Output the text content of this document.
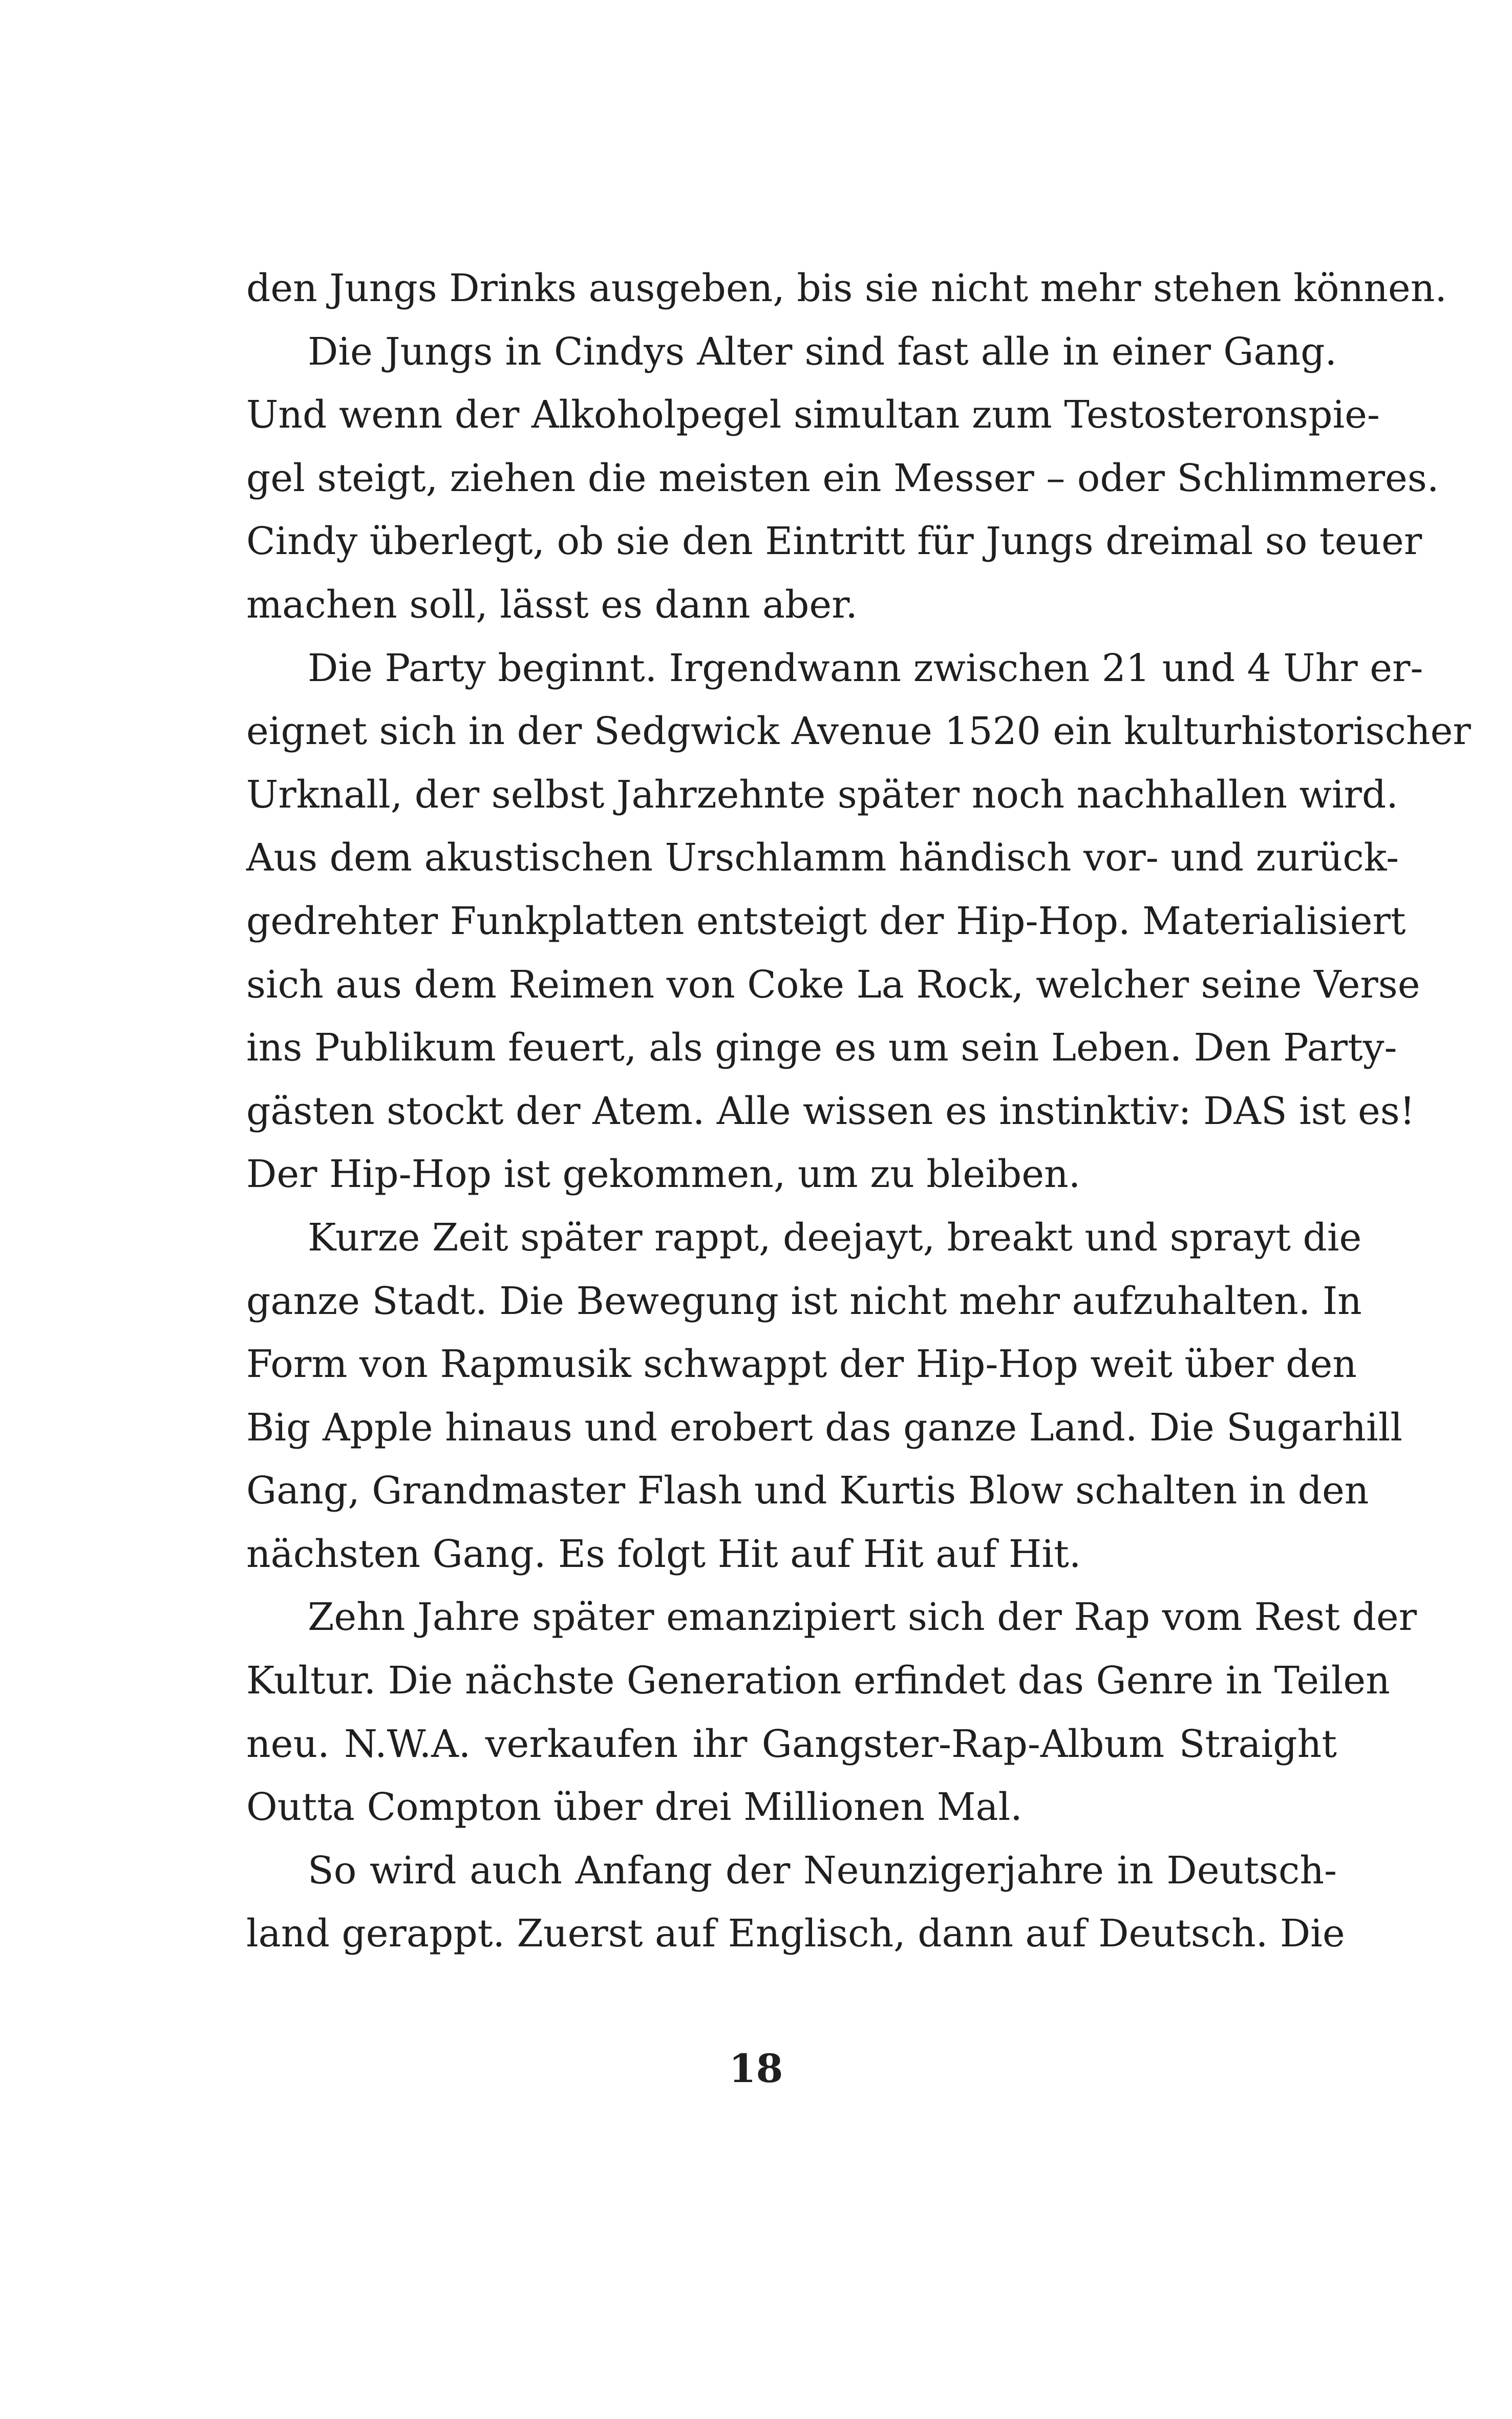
den Jungs Drinks ausgeben, bis sie nicht mehr stehen können.
Die Jungs in Cindys Alter sind fast alle in einer Gang.
Und wenn der Alkoholpegel simultan zum Testosteronspie-
gel steigt, ziehen die meisten ein Messer – oder Schlimmeres.
Cindy überlegt, ob sie den Eintritt für Jungs dreimal so teuer
machen soll, lässt es dann aber.
Die Party beginnt. Irgendwann zwischen 21 und 4 Uhr er-
eignet sich in der Sedgwick Avenue 1520 ein kulturhistorischer
Urknall, der selbst Jahrzehnte später noch nachhallen wird.
Aus dem akustischen Urschlamm händisch vor- und zurück-
gedrehter Funkplatten entsteigt der Hip-Hop. Materialisiert
sich aus dem Reimen von Coke La Rock, welcher seine Verse
ins Publikum feuert, als ginge es um sein Leben. Den Party-
gästen stockt der Atem. Alle wissen es instinktiv: DAS ist es!
Der Hip-Hop ist gekommen, um zu bleiben.
Kurze Zeit später rappt, deejayt, breakt und sprayt die
ganze Stadt. Die Bewegung ist nicht mehr aufzuhalten. In
Form von Rapmusik schwappt der Hip-Hop weit über den
Big Apple hinaus und erobert das ganze Land. Die Sugarhill
Gang, Grandmaster Flash und Kurtis Blow schalten in den
nächsten Gang. Es folgt Hit auf Hit auf Hit.
Zehn Jahre später emanzipiert sich der Rap vom Rest der
Kultur. Die nächste Generation erfindet das Genre in Teilen
neu. N.W.A. verkaufen ihr Gangster-Rap-Album Straight
Outta Compton über drei Millionen Mal.
So wird auch Anfang der Neunzigerjahre in Deutsch-
land gerappt. Zuerst auf Englisch, dann auf Deutsch. Die
18
